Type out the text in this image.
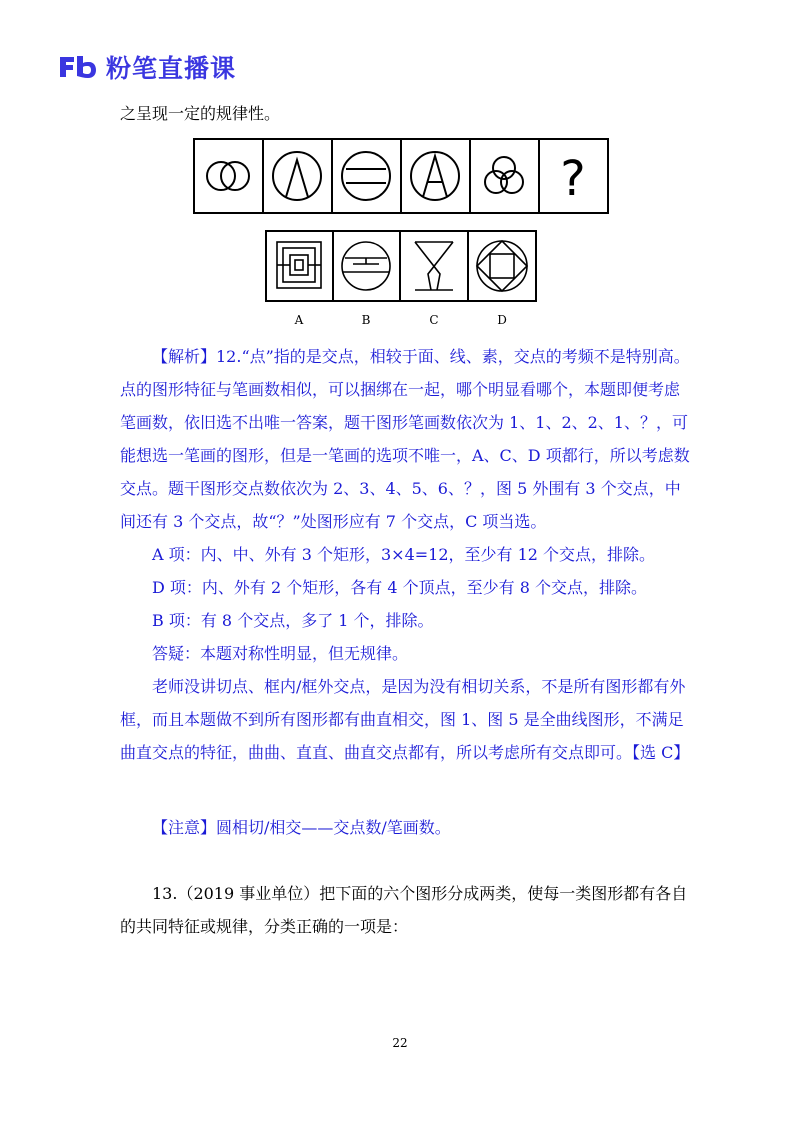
粉笔直播课
之呈现一定的规律性。
?
A	B	C	D

【解析】12.“点”指的是交点，相较于面、线、素，交点的考频不是特别高。点的图形特征与笔画数相似，可以捆绑在一起，哪个明显看哪个，本题即便考虑笔画数，依旧选不出唯一答案，题干图形笔画数依次为 1、1、2、2、1、？，可能想选一笔画的图形，但是一笔画的选项不唯一，A、C、D 项都行，所以考虑数交点。题干图形交点数依次为 2、3、4、5、6、？，图 5 外围有 3 个交点，中间还有 3 个交点，故“？”处图形应有 7 个交点，C 项当选。

A 项：内、中、外有 3 个矩形，3×4=12，至少有 12 个交点，排除。

D 项：内、外有 2 个矩形，各有 4 个顶点，至少有 8 个交点，排除。

B 项：有 8 个交点，多了 1 个，排除。

答疑：本题对称性明显，但无规律。

老师没讲切点、框内/框外交点，是因为没有相切关系，不是所有图形都有外框，而且本题做不到所有图形都有曲直相交，图 1、图 5 是全曲线图形，不满足曲直交点的特征，曲曲、直直、曲直交点都有，所以考虑所有交点即可。【选 C】

【注意】圆相切/相交——交点数/笔画数。

13.（2019 事业单位）把下面的六个图形分成两类，使每一类图形都有各自的共同特征或规律，分类正确的一项是：

22
